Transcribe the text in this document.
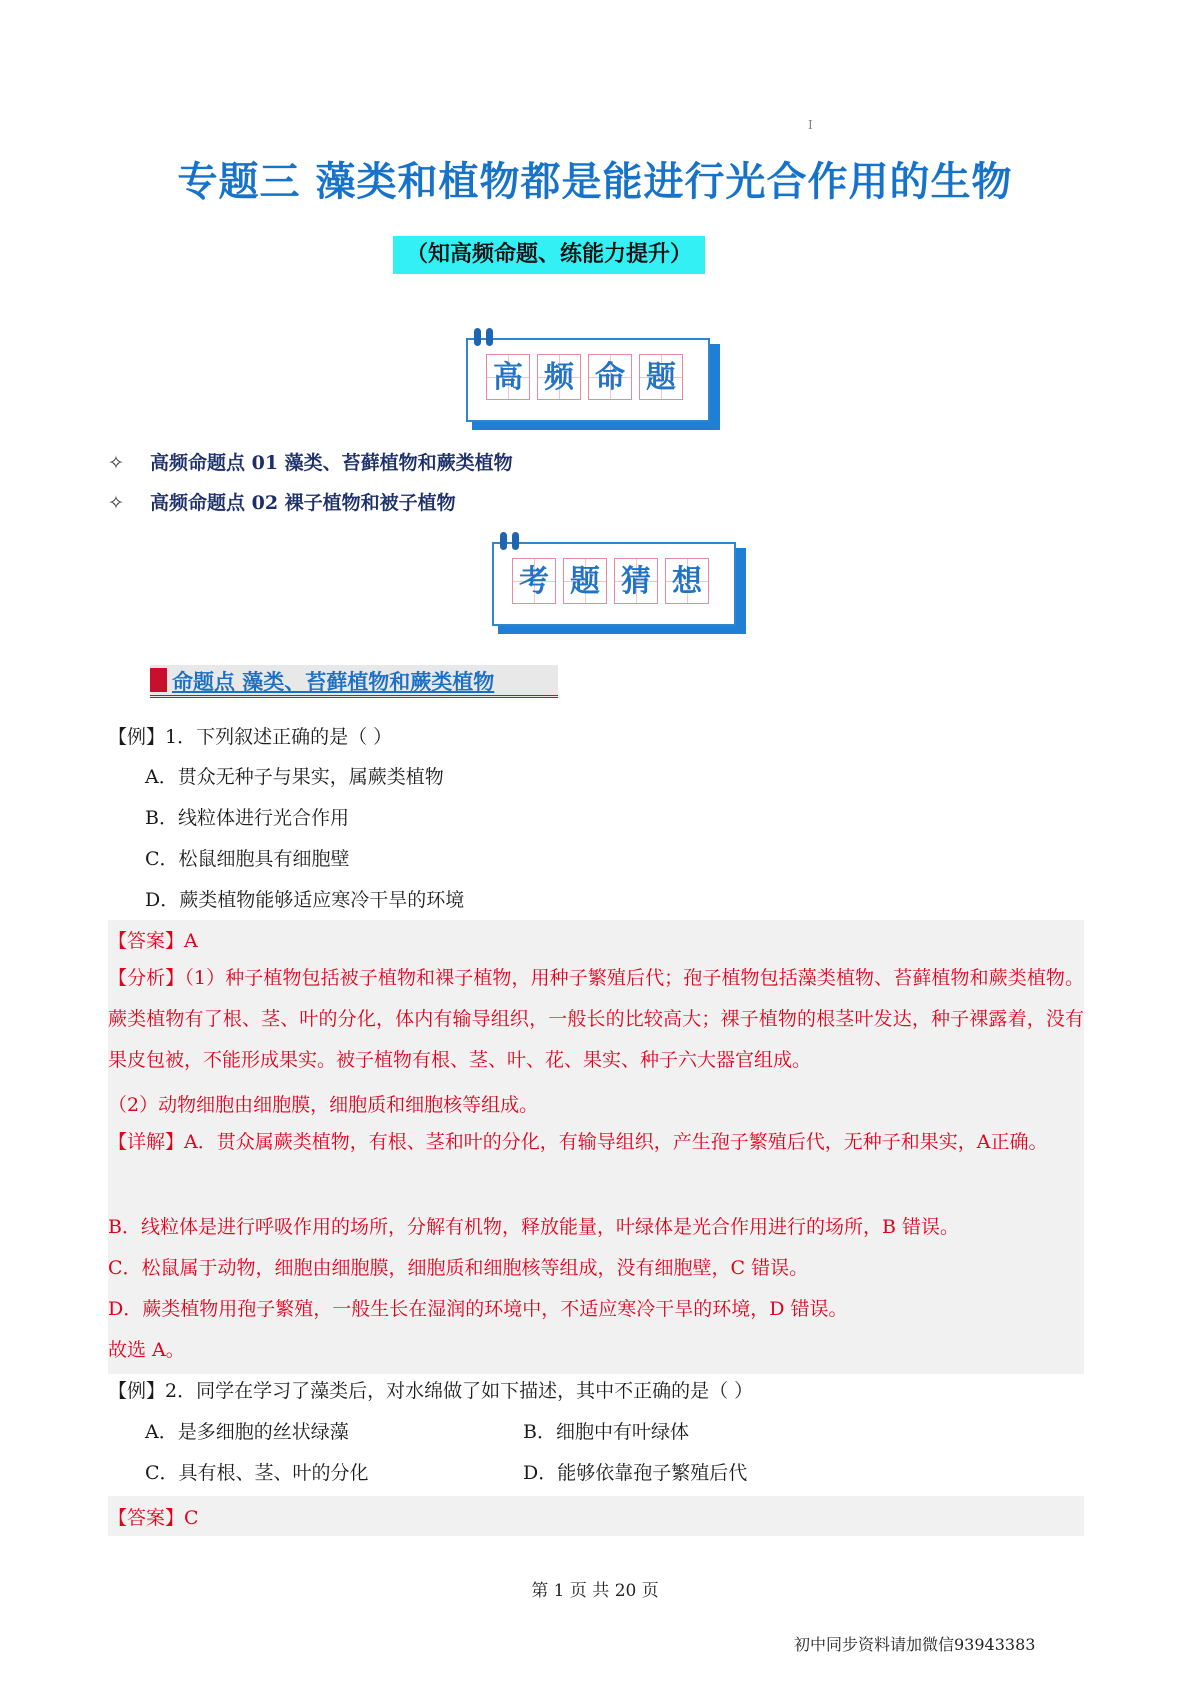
I
专题三 藻类和植物都是能进行光合作用的生物
（知高频命题、练能力提升）
高 频 命 题
✧ 高频命题点 01 藻类、苔藓植物和蕨类植物
✧ 高频命题点 02 裸子植物和被子植物
考 题 猜 想
命题点 藻类、苔藓植物和蕨类植物
【例】1．下列叙述正确的是（ ）
A．贯众无种子与果实，属蕨类植物
B．线粒体进行光合作用
C．松鼠细胞具有细胞壁
D．蕨类植物能够适应寒冷干旱的环境
【答案】A
【分析】（1）种子植物包括被子植物和裸子植物，用种子繁殖后代；孢子植物包括藻类植物、苔藓植物和蕨类植物。蕨类植物有了根、茎、叶的分化，体内有输导组织，一般长的比较高大；裸子植物的根茎叶发达，种子裸露着，没有果皮包被，不能形成果实。被子植物有根、茎、叶、花、果实、种子六大器官组成。
（2）动物细胞由细胞膜，细胞质和细胞核等组成。
【详解】A．贯众属蕨类植物，有根、茎和叶的分化，有输导组织，产生孢子繁殖后代，无种子和果实，A正确。
B．线粒体是进行呼吸作用的场所，分解有机物，释放能量，叶绿体是光合作用进行的场所，B 错误。
C．松鼠属于动物，细胞由细胞膜，细胞质和细胞核等组成，没有细胞壁，C 错误。
D．蕨类植物用孢子繁殖，一般生长在湿润的环境中，不适应寒冷干旱的环境，D 错误。
故选 A。
【例】2．同学在学习了藻类后，对水绵做了如下描述，其中不正确的是（ ）
A．是多细胞的丝状绿藻	B．细胞中有叶绿体
C．具有根、茎、叶的分化	D．能够依靠孢子繁殖后代
【答案】C
第 1 页 共 20 页
初中同步资料请加微信93943383
